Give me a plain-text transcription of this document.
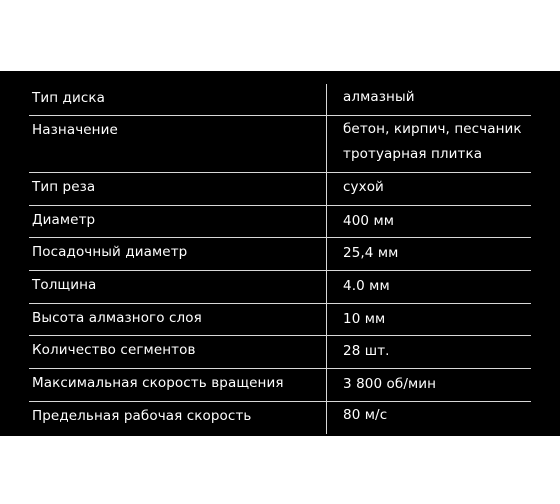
Тип диска	алмазный
Назначение	бетон, кирпич, песчаник
тротуарная плитка
Тип реза	сухой
Диаметр	400 мм
Посадочный диаметр	25,4 мм
Толщина	4.0 мм
Высота алмазного слоя	10 мм
Количество сегментов	28 шт.
Максимальная скорость вращения	3 800 об/мин
Предельная рабочая скорость	80 м/с
